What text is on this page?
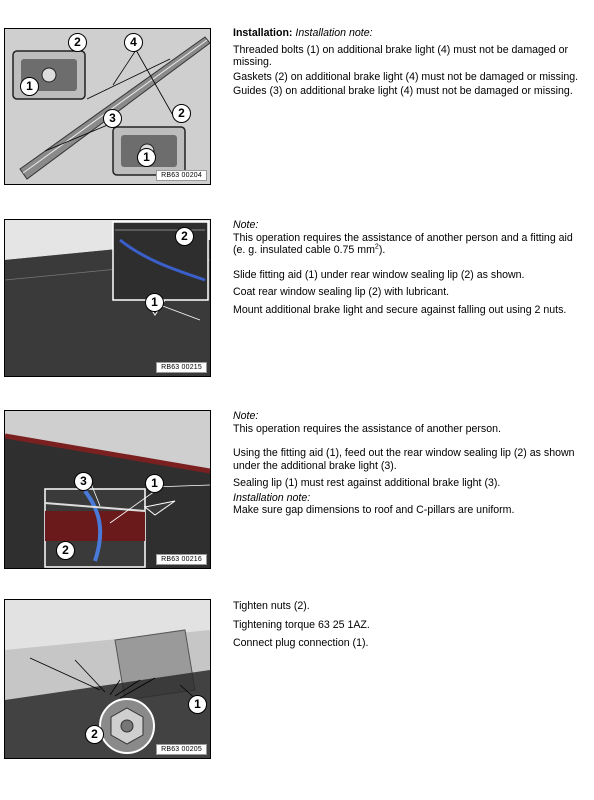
2	4
1
3	2
1
RB63 00204

Installation: Installation note:

Threaded bolts (1) on additional brake light (4) must not be damaged or missing.

Gaskets (2) on additional brake light (4) must not be damaged or missing.

Guides (3) on additional brake light (4) must not be damaged or missing.

2
1
RB63 00215

Note:

This operation requires the assistance of another person and a fitting aid (e. g. insulated cable 0.75 $mm^2$).

Slide fitting aid (1) under rear window sealing lip (2) as shown.

Coat rear window sealing lip (2) with lubricant.

Mount additional brake light and secure against falling out using 2 nuts.

3	1
2
RB63 00216

Note:

This operation requires the assistance of another person.

Using the fitting aid (1), feed out the rear window sealing lip (2) as shown under the additional brake light (3).

Sealing lip (1) must rest against additional brake light (3).

Installation note:

Make sure gap dimensions to roof and C-pillars are uniform.

1
2
RB63 00205

Tighten nuts (2).

Tightening torque 63 25 1AZ.

Connect plug connection (1).
